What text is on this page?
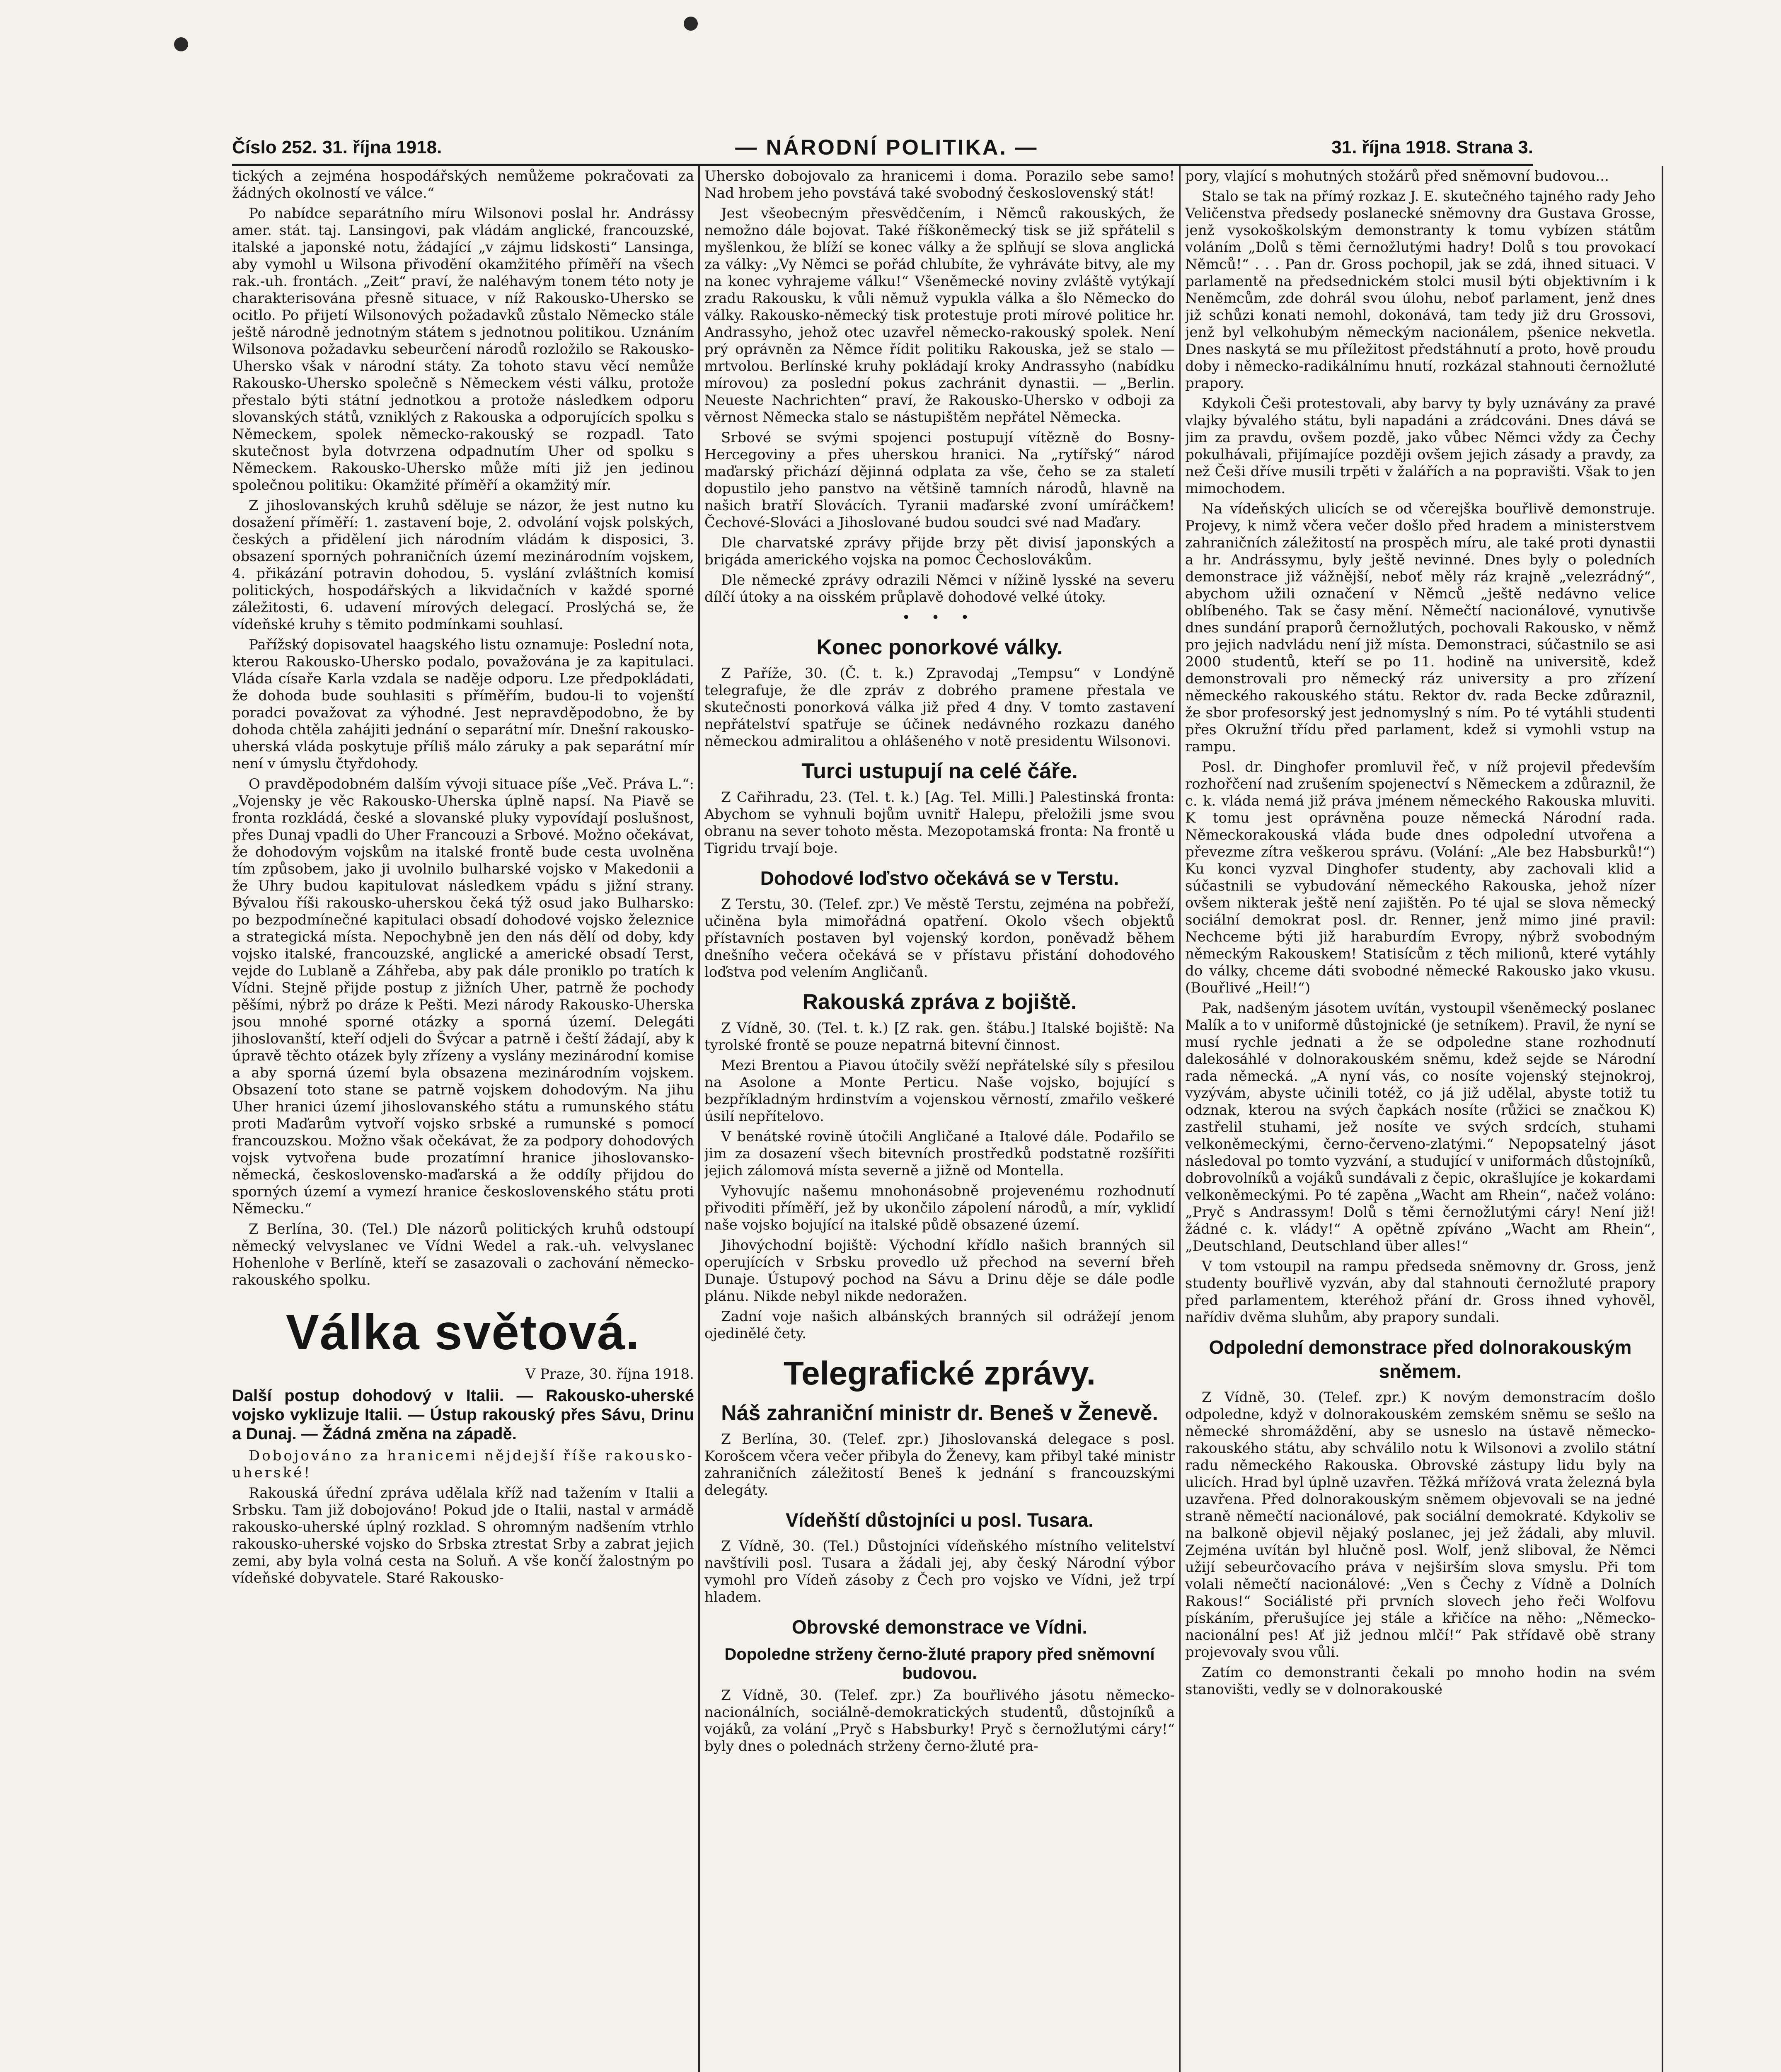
Číslo 252. 31. října 1918.	— NÁRODNÍ POLITIKA. —	31. října 1918. Strana 3.

tických a zejména hospodářských nemůžeme pokračovati za žádných okolností ve válce.“

Po nabídce separátního míru Wilsonovi poslal hr. Andrássy amer. stát. taj. Lansingovi, pak vládám anglické, francouzské, italské a japonské notu, žádající „v zájmu lidskosti“ Lansinga, aby vymohl u Wilsona přivodění okamžitého příměří na všech rak.-uh. frontách. „Zeit“ praví, že naléhavým tonem této noty je charakterisována přesně situace, v níž Rakousko-Uhersko se ocitlo. Po přijetí Wilsonových požadavků zůstalo Německo stále ještě národně jednotným státem s jednotnou politikou. Uznáním Wilsonova požadavku sebeurčení národů rozložilo se Rakousko-Uhersko však v národní státy. Za tohoto stavu věcí nemůže Rakousko-Uhersko společně s Německem vésti válku, protože přestalo býti státní jednotkou a protože následkem odporu slovanských států, vzniklých z Rakouska a odporujících spolku s Německem, spolek německo-rakouský se rozpadl. Tato skutečnost byla dotvrzena odpadnutím Uher od spolku s Německem. Rakousko-Uhersko může míti již jen jedinou společnou politiku: Okamžité příměří a okamžitý mír.

Z jihoslovanských kruhů sděluje se názor, že jest nutno ku dosažení příměří: 1. zastavení boje, 2. odvolání vojsk polských, českých a přidělení jich národním vládám k disposici, 3. obsazení sporných pohraničních území mezinárodním vojskem, 4. přikázání potravin dohodou, 5. vyslání zvláštních komisí politických, hospodářských a likvidačních v každé sporné záležitosti, 6. udavení mírových delegací. Proslýchá se, že vídeňské kruhy s těmito podmínkami souhlasí.

Pařížský dopisovatel haagského listu oznamuje: Poslední nota, kterou Rakousko-Uhersko podalo, považována je za kapitulaci. Vláda císaře Karla vzdala se naděje odporu. Lze předpokládati, že dohoda bude souhlasiti s příměřím, budou-li to vojenští poradci považovat za výhodné. Jest nepravděpodobno, že by dohoda chtěla zahájiti jednání o separátní mír. Dnešní rakousko-uherská vláda poskytuje příliš málo záruky a pak separátní mír není v úmyslu čtyřdohody.

O pravděpodobném dalším vývoji situace píše „Več. Práva L.“: „Vojensky je věc Rakousko-Uherska úplně napsí. Na Piavě se fronta rozkládá, české a slovanské pluky vypovídají poslušnost, přes Dunaj vpadli do Uher Francouzi a Srbové. Možno očekávat, že dohodovým vojskům na italské frontě bude cesta uvolněna tím způsobem, jako ji uvolnilo bulharské vojsko v Makedonii a že Uhry budou kapitulovat následkem vpádu s jižní strany. Bývalou říši rakousko-uherskou čeká týž osud jako Bulharsko: po bezpodmínečné kapitulaci obsadí dohodové vojsko železnice a strategická místa. Nepochybně jen den nás dělí od doby, kdy vojsko italské, francouzské, anglické a americké obsadí Terst, vejde do Lublaně a Záhřeba, aby pak dále proniklo po tratích k Vídni. Stejně přijde postup z jižních Uher, patrně že pochody pěšími, nýbrž po dráze k Pešti. Mezi národy Rakousko-Uherska jsou mnohé sporné otázky a sporná území. Delegáti jihoslovanští, kteří odjeli do Švýcar a patrně i čeští žádají, aby k úpravě těchto otázek byly zřízeny a vyslány mezinárodní komise a aby sporná území byla obsazena mezinárodním vojskem. Obsazení toto stane se patrně vojskem dohodovým. Na jihu Uher hranici území jihoslovanského státu a rumunského státu proti Maďarům vytvoří vojsko srbské a rumunské s pomocí francouzskou. Možno však očekávat, že za podpory dohodových vojsk vytvořena bude prozatímní hranice jihoslovansko-německá, československo-maďarská a že oddíly přijdou do sporných území a vymezí hranice československého státu proti Německu.“

Z Berlína, 30. (Tel.) Dle názorů politických kruhů odstoupí německý velvyslanec ve Vídni Wedel a rak.-uh. velvyslanec Hohenlohe v Berlíně, kteří se zasazovali o zachování německo-rakouského spolku.

Válka světová.
V Praze, 30. října 1918.
Další postup dohodový v Italii. — Rakousko-uherské vojsko vyklizuje Italii. — Ústup rakouský přes Sávu, Drinu a Dunaj. — Žádná změna na západě.

Dobojováno za hranicemi nějdejší říše rakousko-uherské!

Rakouská úřední zpráva udělala kříž nad tažením v Italii a Srbsku. Tam již dobojováno! Pokud jde o Italii, nastal v armádě rakousko-uherské úplný rozklad. S ohromným nadšením vtrhlo rakousko-uherské vojsko do Srbska ztrestat Srby a zabrat jejich zemi, aby byla volná cesta na Soluň. A vše končí žalostným po vídeňské dobyvatele. Staré Rakousko-

Uhersko dobojovalo za hranicemi i doma. Porazilo sebe samo! Nad hrobem jeho povstává také svobodný československý stát!

Jest všeobecným přesvědčením, i Němců rakouských, že nemožno dále bojovat. Také říškoněmecký tisk se již spřátelil s myšlenkou, že blíží se konec války a že splňují se slova anglická za války: „Vy Němci se pořád chlubíte, že vyhráváte bitvy, ale my na konec vyhrajeme válku!“ Všeněmecké noviny zvláště vytýkají zradu Rakousku, k vůli němuž vypukla válka a šlo Německo do války. Rakousko-německý tisk protestuje proti mírové politice hr. Andrassyho, jehož otec uzavřel německo-rakouský spolek. Není prý oprávněn za Němce řídit politiku Rakouska, jež se stalo — mrtvolou. Berlínské kruhy pokládají kroky Andrassyho (nabídku mírovou) za poslední pokus zachránit dynastii. — „Berlin. Neueste Nachrichten“ praví, že Rakousko-Uhersko v odboji za věrnost Německa stalo se nástupištěm nepřátel Německa.

Srbové se svými spojenci postupují vítězně do Bosny-Hercegoviny a přes uherskou hranici. Na „rytířský“ národ maďarský přichází dějinná odplata za vše, čeho se za staletí dopustilo jeho panstvo na většině tamních národů, hlavně na našich bratří Slovácích. Tyranii maďarské zvoní umíráčkem! Čechové-Slováci a Jihoslované budou soudci své nad Maďary.

Dle charvatské zprávy přijde brzy pět divisí japonských a brigáda amerického vojska na pomoc Čechoslovákům.

Dle německé zprávy odrazili Němci v nížině lysské na severu dílčí útoky a na oisském průplavě dohodové velké útoky.

• • •
Konec ponorkové války.

Z Paříže, 30. (Č. t. k.) Zpravodaj „Tempsu“ v Londýně telegrafuje, že dle zpráv z dobrého pramene přestala ve skutečnosti ponorková válka již před 4 dny. V tomto zastavení nepřátelství spatřuje se účinek nedávného rozkazu daného německou admiralitou a ohlášeného v notě presidentu Wilsonovi.

Turci ustupují na celé čáře.

Z Cařihradu, 23. (Tel. t. k.) [Ag. Tel. Milli.] Palestinská fronta: Abychom se vyhnuli bojům uvnitř Halepu, přeložili jsme svou obranu na sever tohoto města. Mezopotamská fronta: Na frontě u Tigridu trvají boje.

Dohodové loďstvo očekává se v Terstu.

Z Terstu, 30. (Telef. zpr.) Ve městě Terstu, zejména na pobřeží, učiněna byla mimořádná opatření. Okolo všech objektů přístavních postaven byl vojenský kordon, poněvadž během dnešního večera očekává se v přístavu přistání dohodového loďstva pod velením Angličanů.

Rakouská zpráva z bojiště.

Z Vídně, 30. (Tel. t. k.) [Z rak. gen. štábu.] Italské bojiště: Na tyrolské frontě se pouze nepatrná bitevní činnost.

Mezi Brentou a Piavou útočily svěží nepřátelské síly s přesilou na Asolone a Monte Perticu. Naše vojsko, bojující s bezpříkladným hrdinstvím a vojenskou věrností, zmařilo veškeré úsilí nepřítelovo.

V benátské rovině útočili Angličané a Italové dále. Podařilo se jim za dosazení všech bitevních prostředků podstatně rozšířiti jejich zálomová místa severně a jižně od Montella.

Vyhovujíc našemu mnohonásobně projevenému rozhodnutí přivoditi příměří, jež by ukončilo zápolení národů, a mír, vyklidí naše vojsko bojující na italské půdě obsazené území.

Jihovýchodní bojiště: Východní křídlo našich branných sil operujících v Srbsku provedlo už přechod na severní břeh Dunaje. Ústupový pochod na Sávu a Drinu děje se dále podle plánu. Nikde nebyl nikde nedoražen.

Zadní voje našich albánských branných sil odrážejí jenom ojedinělé čety.

Telegrafické zprávy.
Náš zahraniční ministr dr. Beneš v Ženevě.

Z Berlína, 30. (Telef. zpr.) Jihoslovanská delegace s posl. Korošcem včera večer přibyla do Ženevy, kam přibyl také ministr zahraničních záležitostí Beneš k jednání s francouzskými delegáty.

Vídeňští důstojníci u posl. Tusara.

Z Vídně, 30. (Tel.) Důstojníci vídeňského místního velitelství navštívili posl. Tusara a žádali jej, aby český Národní výbor vymohl pro Vídeň zásoby z Čech pro vojsko ve Vídni, jež trpí hladem.

Obrovské demonstrace ve Vídni.
Dopoledne strženy černo-žluté prapory před sněmovní budovou.

Z Vídně, 30. (Telef. zpr.) Za bouřlivého jásotu německo-nacionálních, sociálně-demokratických studentů, důstojníků a vojáků, za volání „Pryč s Habsburky! Pryč s černožlutými cáry!“ byly dnes o polednách strženy černo-žluté pra-

pory, vlající s mohutných stožárů před sněmovní budovou...

Stalo se tak na přímý rozkaz J. E. skutečného tajného rady Jeho Veličenstva předsedy poslanecké sněmovny dra Gustava Grosse, jenž vysokoškolským demonstranty k tomu vybízen státům voláním „Dolů s těmi černožlutými hadry! Dolů s tou provokací Němců!“ . . . Pan dr. Gross pochopil, jak se zdá, ihned situaci. V parlamentě na předsednickém stolci musil býti objektivním i k Neněmcům, zde dohrál svou úlohu, neboť parlament, jenž dnes již schůzi konati nemohl, dokonává, tam tedy již dru Grossovi, jenž byl velkohubým německým nacionálem, pšenice nekvetla. Dnes naskytá se mu příležitost předstáhnutí a proto, hově proudu doby i německo-radikálnímu hnutí, rozkázal stahnouti černožluté prapory.

Kdykoli Češi protestovali, aby barvy ty byly uznávány za pravé vlajky bývalého státu, byli napadáni a zrádcováni. Dnes dává se jim za pravdu, ovšem pozdě, jako vůbec Němci vždy za Čechy pokulhávali, přijímajíce později ovšem jejich zásady a pravdy, za než Češi dříve musili trpěti v žalářích a na popravišti. Však to jen mimochodem.

Na vídeňských ulicích se od včerejška bouřlivě demonstruje. Projevy, k nimž včera večer došlo před hradem a ministerstvem zahraničních záležitostí na prospěch míru, ale také proti dynastii a hr. Andrássymu, byly ještě nevinné. Dnes byly o poledních demonstrace již vážnější, neboť měly ráz krajně „velezrádný“, abychom užili označení v Němců „ještě nedávno velice oblíbeného. Tak se časy mění. Němečtí nacionálové, vynutivše dnes sundání praporů černožlutých, pochovali Rakousko, v němž pro jejich nadvládu není již místa. Demonstraci, súčastnilo se asi 2000 studentů, kteří se po 11. hodině na universitě, kdež demonstrovali pro německý ráz university a pro zřízení německého rakouského státu. Rektor dv. rada Becke zdůraznil, že sbor profesorský jest jednomyslný s ním. Po té vytáhli studenti přes Okružní třídu před parlament, kdež si vymohli vstup na rampu.

Posl. dr. Dinghofer promluvil řeč, v níž projevil především rozhořčení nad zrušením spojenectví s Německem a zdůraznil, že c. k. vláda nemá již práva jménem německého Rakouska mluviti. K tomu jest oprávněna pouze německá Národní rada. Německorakouská vláda bude dnes odpolední utvořena a převezme zítra veškerou správu. (Volání: „Ale bez Habsburků!“) Ku konci vyzval Dinghofer studenty, aby zachovali klid a súčastnili se vybudování německého Rakouska, jehož nízer ovšem nikterak ještě není zajištěn. Po té ujal se slova německý sociální demokrat posl. dr. Renner, jenž mimo jiné pravil: Nechceme býti již haraburdím Evropy, nýbrž svobodným německým Rakouskem! Statisícům z těch milionů, které vytáhly do války, chceme dáti svobodné německé Rakousko jako vkusu. (Bouřlivé „Heil!“)

Pak, nadšeným jásotem uvítán, vystoupil všeněmecký poslanec Malík a to v uniformě důstojnické (je setníkem). Pravil, že nyní se musí rychle jednati a že se odpoledne stane rozhodnutí dalekosáhlé v dolnorakouském sněmu, kdež sejde se Národní rada německá. „A nyní vás, co nosíte vojenský stejnokroj, vyzývám, abyste učinili totéž, co já již udělal, abyste totiž tu odznak, kterou na svých čapkách nosíte (růžici se značkou K) zastřelil stuhami, jež nosíte ve svých srdcích, stuhami velkoněmeckými, černo-červeno-zlatými.“ Nepopsatelný jásot následoval po tomto vyzvání, a studující v uniformách důstojníků, dobrovolníků a vojáků sundávali z čepic, okrašlujíce je kokardami velkoněmeckými. Po té zapěna „Wacht am Rhein“, načež voláno: „Pryč s Andrassym! Dolů s těmi černožlutými cáry! Není již! žádné c. k. vlády!“ A opětně zpíváno „Wacht am Rhein“, „Deutschland, Deutschland über alles!“

V tom vstoupil na rampu předseda sněmovny dr. Gross, jenž studenty bouřlivě vyzván, aby dal stahnouti černožluté prapory před parlamentem, kteréhož přání dr. Gross ihned vyhověl, nařídiv dvěma sluhům, aby prapory sundali.

Odpolední demonstrace před dolnorakouským sněmem.

Z Vídně, 30. (Telef. zpr.) K novým demonstracím došlo odpoledne, když v dolnorakouském zemském sněmu se sešlo na německé shromáždění, aby se usneslo na ústavě německo-rakouského státu, aby schválilo notu k Wilsonovi a zvolilo státní radu německého Rakouska. Obrovské zástupy lidu byly na ulicích. Hrad byl úplně uzavřen. Těžká mřížová vrata železná byla uzavřena. Před dolnorakouským sněmem objevovali se na jedné straně němečtí nacionálové, pak sociální demokraté. Kdykoliv se na balkoně objevil nějaký poslanec, jej jež žádali, aby mluvil. Zejména uvítán byl hlučně posl. Wolf, jenž sliboval, že Němci užijí sebeurčovacího práva v nejširším slova smyslu. Při tom volali němečtí nacionálové: „Ven s Čechy z Vídně a Dolních Rakous!“ Sociálisté při prvních slovech jeho řeči Wolfovu pískáním, přerušujíce jej stále a křičíce na něho: „Německo-nacionální pes! Ať již jednou mlčí!“ Pak střídavě obě strany projevovaly svou vůli.

Zatím co demonstranti čekali po mnoho hodin na svém stanovišti, vedly se v dolnorakouské
